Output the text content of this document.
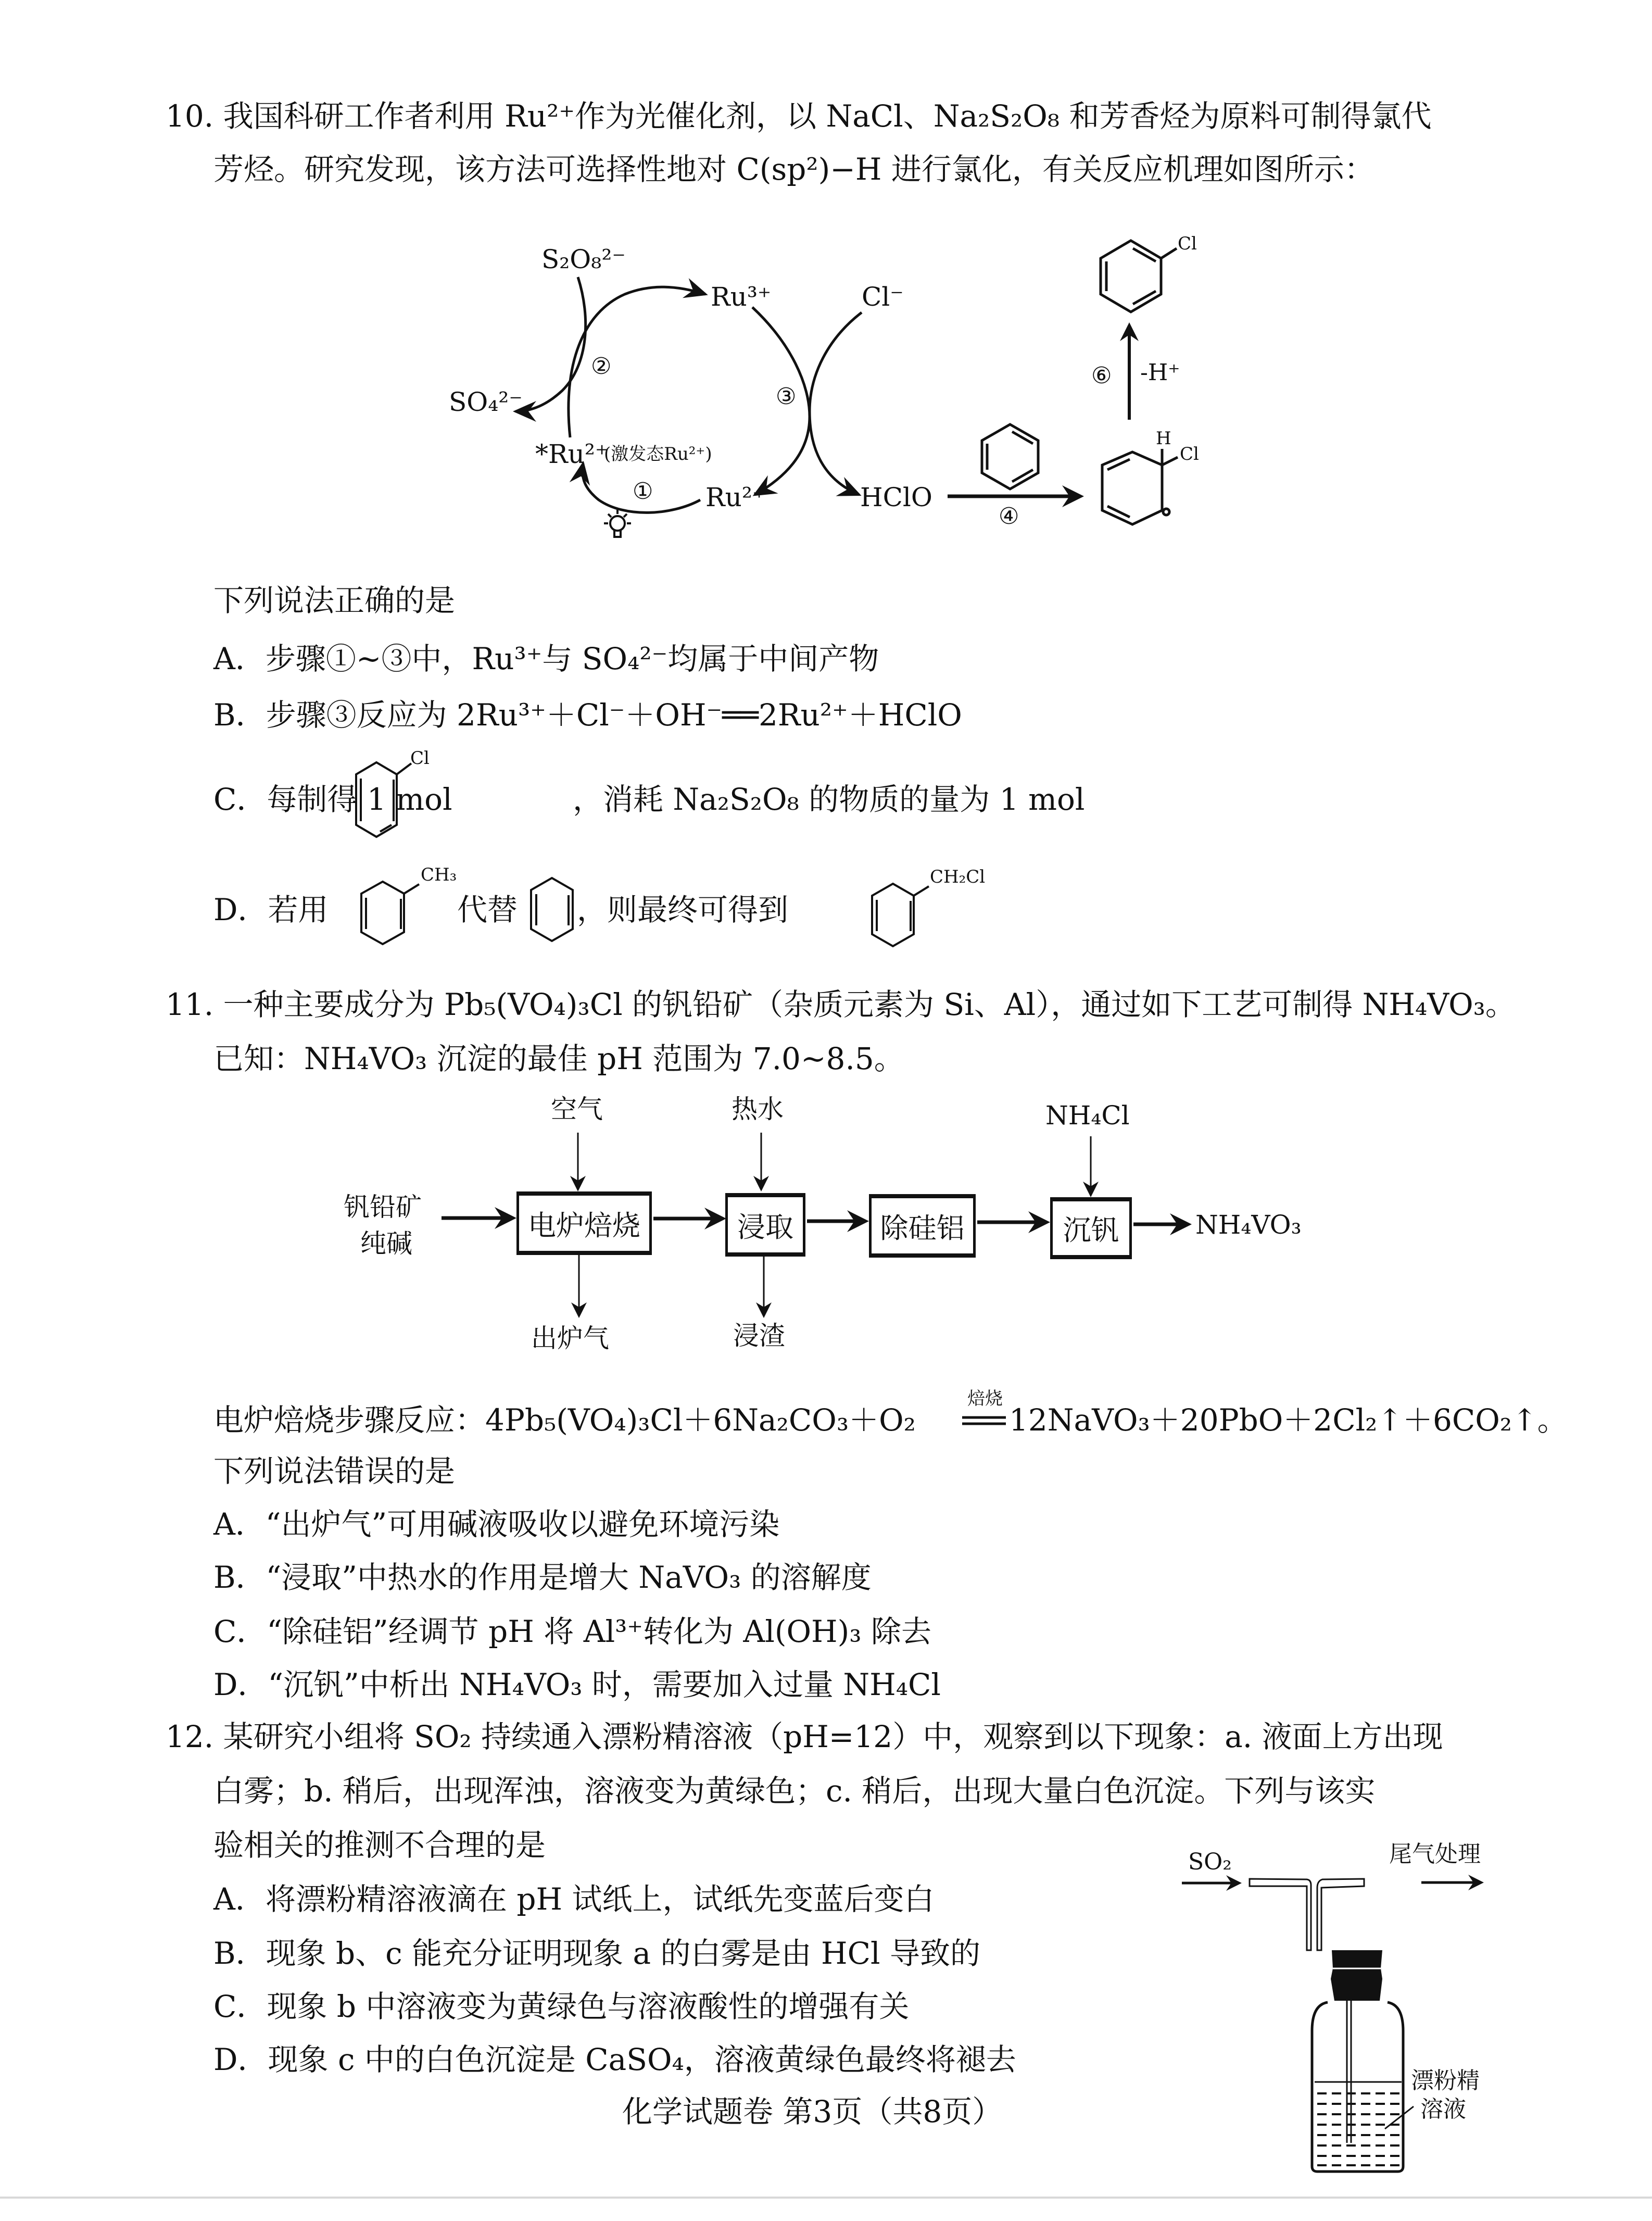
10. 我国科研工作者利用 Ru²⁺作为光催化剂，以 NaCl、Na₂S₂O₈ 和芳香烃为原料可制得氯代
芳烃。研究发现，该方法可选择性地对 C(sp²)−H 进行氯化，有关反应机理如图所示：
S₂O₈²⁻
Ru³⁺	Cl⁻
SO₄²⁻
*Ru²⁺
(激发态Ru²⁺)
Ru²⁺	HClO
①
②
③
④
⑥ -H⁺
Cl
H
Cl
下列说法正确的是
A．步骤①~③中，Ru³⁺与 SO₄²⁻均属于中间产物
B．步骤③反应为 2Ru³⁺＋Cl⁻＋OH⁻══2Ru²⁺＋HClO
C．每制得 1 mol
Cl
，消耗 Na₂S₂O₈ 的物质的量为 1 mol
D．若用
CH₃
代替 ，则最终可得到
CH₂Cl
11. 一种主要成分为 Pb₅(VO₄)₃Cl 的钒铅矿（杂质元素为 Si、Al），通过如下工艺可制得 NH₄VO₃。
已知：NH₄VO₃ 沉淀的最佳 pH 范围为 7.0~8.5。
钒铅矿
纯碱
空气	热水	NH₄Cl
电炉焙烧	浸取	除硅铝	沉钒	NH₄VO₃
出炉气	浸渣
电炉焙烧步骤反应：4Pb₅(VO₄)₃Cl＋6Na₂CO₃＋O₂
焙烧
12NaVO₃＋20PbO＋2Cl₂↑＋6CO₂↑。
下列说法错误的是
A．“出炉气”可用碱液吸收以避免环境污染
B．“浸取”中热水的作用是增大 NaVO₃ 的溶解度
C．“除硅铝”经调节 pH 将 Al³⁺转化为 Al(OH)₃ 除去
D．“沉钒”中析出 NH₄VO₃ 时，需要加入过量 NH₄Cl
12. 某研究小组将 SO₂ 持续通入漂粉精溶液（pH=12）中，观察到以下现象：a. 液面上方出现
白雾；b. 稍后，出现浑浊，溶液变为黄绿色；c. 稍后，出现大量白色沉淀。下列与该实
验相关的推测不合理的是	SO₂	尾气处理
漂粉精
溶液
A．将漂粉精溶液滴在 pH 试纸上，试纸先变蓝后变白
B．现象 b、c 能充分证明现象 a 的白雾是由 HCl 导致的
C．现象 b 中溶液变为黄绿色与溶液酸性的增强有关
D．现象 c 中的白色沉淀是 CaSO₄，溶液黄绿色最终将褪去
化学试题卷 第3页（共8页）
